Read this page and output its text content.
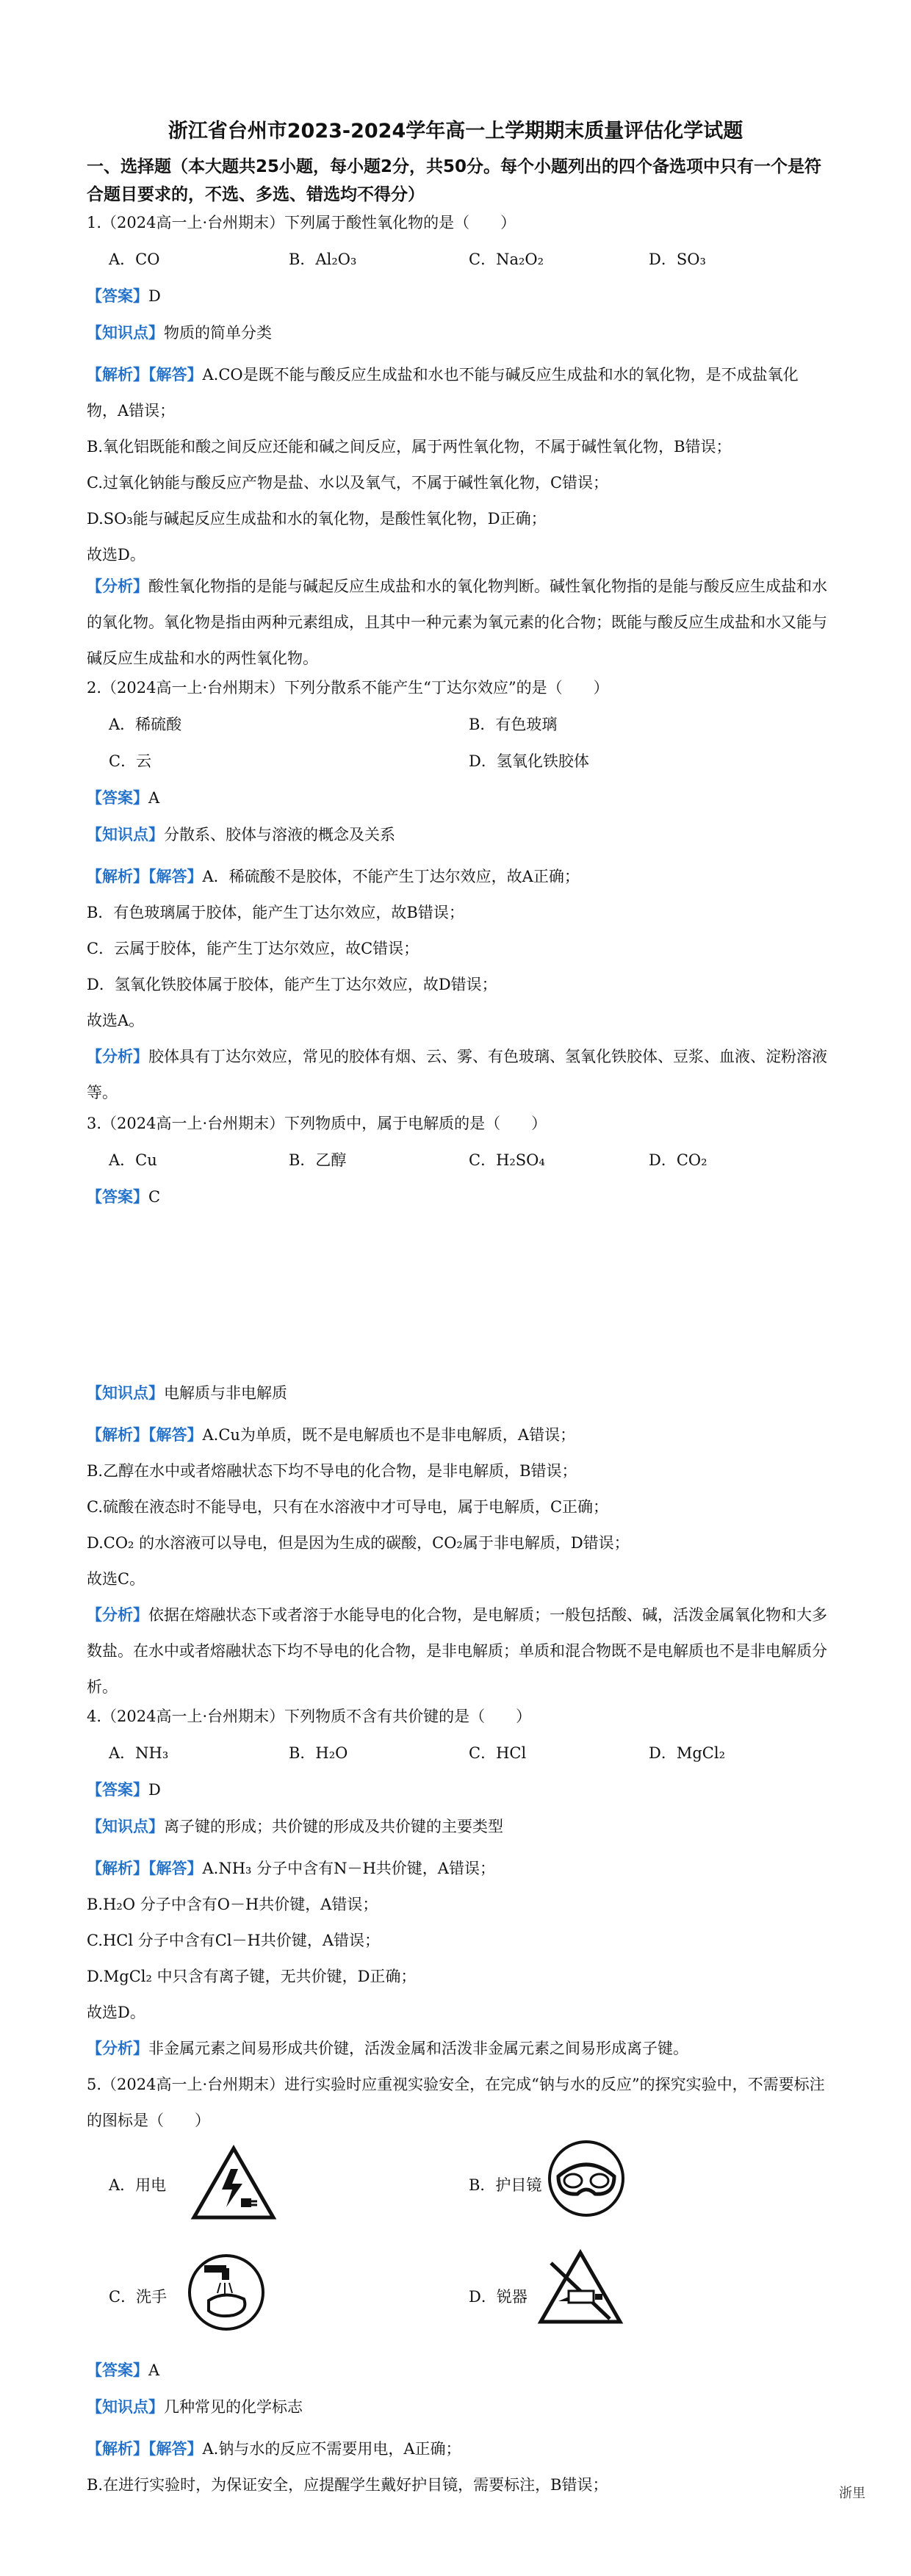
浙江省台州市2023-2024学年高一上学期期末质量评估化学试题
一、选择题（本大题共25小题，每小题2分，共50分。每个小题列出的四个备选项中只有一个是符合题目要求的，不选、多选、错选均不得分）
1.（2024高一上·台州期末）下列属于酸性氧化物的是（　　）
A．CO	B．Al₂O₃	C．Na₂O₂	D．SO₃
【答案】D
【知识点】物质的简单分类
【解析】【解答】A.CO是既不能与酸反应生成盐和水也不能与碱反应生成盐和水的氧化物，是不成盐氧化物，A错误；
B.氧化铝既能和酸之间反应还能和碱之间反应，属于两性氧化物，不属于碱性氧化物，B错误；
C.过氧化钠能与酸反应产物是盐、水以及氧气，不属于碱性氧化物，C错误；
D.SO₃能与碱起反应生成盐和水的氧化物，是酸性氧化物，D正确；
故选D。
【分析】酸性氧化物指的是能与碱起反应生成盐和水的氧化物判断。碱性氧化物指的是能与酸反应生成盐和水的氧化物。氧化物是指由两种元素组成，且其中一种元素为氧元素的化合物；既能与酸反应生成盐和水又能与碱反应生成盐和水的两性氧化物。
2.（2024高一上·台州期末）下列分散系不能产生“丁达尔效应”的是（　　）
A．稀硫酸	B．有色玻璃
C．云	D．氢氧化铁胶体
【答案】A
【知识点】分散系、胶体与溶液的概念及关系
【解析】【解答】A．稀硫酸不是胶体，不能产生丁达尔效应，故A正确；
B．有色玻璃属于胶体，能产生丁达尔效应，故B错误；
C．云属于胶体，能产生丁达尔效应，故C错误；
D．氢氧化铁胶体属于胶体，能产生丁达尔效应，故D错误；
故选A。
【分析】胶体具有丁达尔效应，常见的胶体有烟、云、雾、有色玻璃、氢氧化铁胶体、豆浆、血液、淀粉溶液等。
3.（2024高一上·台州期末）下列物质中，属于电解质的是（　　）
A．Cu	B．乙醇	C．H₂SO₄	D．CO₂
【答案】C
【知识点】电解质与非电解质
【解析】【解答】A.Cu为单质，既不是电解质也不是非电解质，A错误；
B.乙醇在水中或者熔融状态下均不导电的化合物，是非电解质，B错误；
C.硫酸在液态时不能导电，只有在水溶液中才可导电，属于电解质，C正确；
D.CO₂ 的水溶液可以导电，但是因为生成的碳酸，CO₂属于非电解质，D错误；
故选C。
【分析】依据在熔融状态下或者溶于水能导电的化合物，是电解质；一般包括酸、碱，活泼金属氧化物和大多数盐。在水中或者熔融状态下均不导电的化合物，是非电解质；单质和混合物既不是电解质也不是非电解质分析。
4.（2024高一上·台州期末）下列物质不含有共价键的是（　　）
A．NH₃	B．H₂O	C．HCl	D．MgCl₂
【答案】D
【知识点】离子键的形成；共价键的形成及共价键的主要类型
【解析】【解答】A.NH₃ 分子中含有N－H共价键，A错误；
B.H₂O 分子中含有O－H共价键，A错误；
C.HCl 分子中含有Cl－H共价键，A错误；
D.MgCl₂ 中只含有离子键，无共价键，D正确；
故选D。
【分析】非金属元素之间易形成共价键，活泼金属和活泼非金属元素之间易形成离子键。
5.（2024高一上·台州期末）进行实验时应重视实验安全，在完成“钠与水的反应”的探究实验中，不需要标注的图标是（　　）
A．用电	B．护目镜
C．洗手	D．锐器
【答案】A
【知识点】几种常见的化学标志
【解析】【解答】A.钠与水的反应不需要用电，A正确；
B.在进行实验时，为保证安全，应提醒学生戴好护目镜，需要标注，B错误；	浙里
